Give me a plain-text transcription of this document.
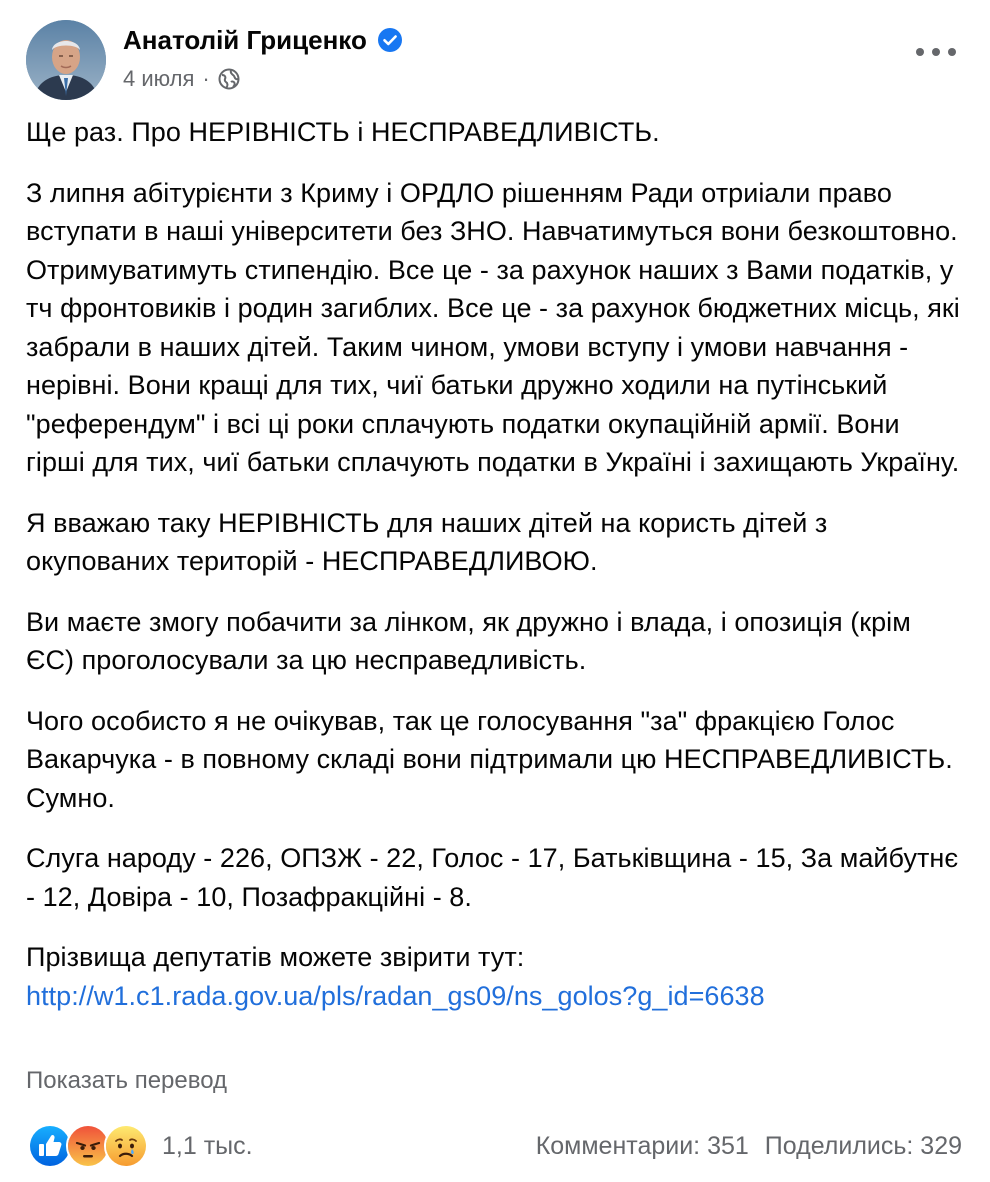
Анатолій Гриценко
4 июля ·

Ще раз. Про НЕРІВНІСТЬ і НЕСПРАВЕДЛИВІСТЬ.

З липня абітурієнти з Криму і ОРДЛО рішенням Ради отриіали право вступати в наші університети без ЗНО. Навчатимуться вони безкоштовно. Отримуватимуть стипендію. Все це - за рахунок наших з Вами податків, у тч фронтовиків і родин загиблих. Все це - за рахунок бюджетних місць, які забрали в наших дітей. Таким чином, умови вступу і умови навчання - нерівні. Вони кращі для тих, чиї батьки дружно ходили на путінський "референдум" і всі ці роки сплачують податки окупаційній армії. Вони гірші для тих, чиї батьки сплачують податки в Україні і захищають Україну.

Я вважаю таку НЕРІВНІСТЬ для наших дітей на користь дітей з окупованих територій - НЕСПРАВЕДЛИВОЮ.

Ви маєте змогу побачити за лінком, як дружно і влада, і опозиція (крім ЄС) проголосували за цю несправедливість.

Чого особисто я не очікував, так це голосування "за" фракцією Голос Вакарчука - в повному складі вони підтримали цю НЕСПРАВЕДЛИВІСТЬ. Сумно.

Слуга народу - 226, ОПЗЖ - 22, Голос - 17, Батьківщина - 15, За майбутнє - 12, Довіра - 10, Позафракційні - 8.

Прізвища депутатів можете звірити тут:
http://w1.c1.rada.gov.ua/pls/radan_gs09/ns_golos?g_id=6638

Показать перевод
1,1 тыс.	Комментарии: 351 Поделились: 329
